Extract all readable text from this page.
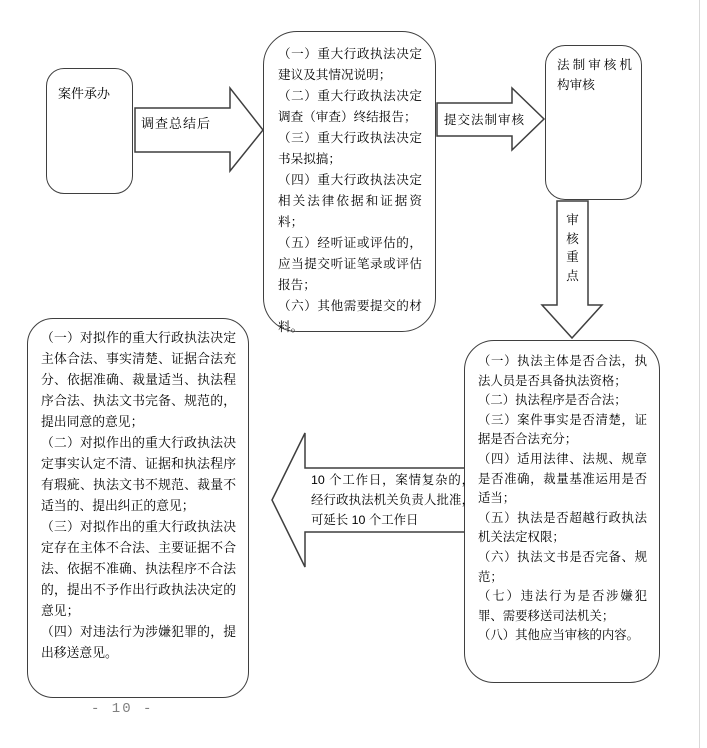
案件承办
调查总结后

（一）重大行政执法决定建议及其情况说明；

（二）重大行政执法决定调查（审查）终结报告；

（三）重大行政执法决定书呆拟搞；

（四）重大行政执法决定相关法律依据和证据资料；

（五）经听证或评估的，应当提交听证笔录或评估报告；

（六）其他需要提交的材料。

提交法制审核
法制审核机构审核
审核重点

（一）执法主体是否合法，执法人员是否具备执法资格；

（二）执法程序是否合法；

（三）案件事实是否清楚，证据是否合法充分；

（四）适用法律、法规、规章是否准确，裁量基准运用是否适当；

（五）执法是否超越行政执法机关法定权限；

（六）执法文书是否完备、规范；

（七）违法行为是否涉嫌犯罪、需要移送司法机关；

（八）其他应当审核的内容。

10 个工作日，案情复杂的，经行政执法机关负责人批准，可延长 10 个工作日

（一）对拟作的重大行政执法决定主体合法、事实清楚、证据合法充分、依据准确、裁量适当、执法程序合法、执法文书完备、规范的，提出同意的意见；

（二）对拟作出的重大行政执法决定事实认定不清、证据和执法程序有瑕疵、执法文书不规范、裁量不适当的、提出纠正的意见；

（三）对拟作出的重大行政执法决定存在主体不合法、主要证据不合法、依据不准确、执法程序不合法的，提出不予作出行政执法决定的意见；

（四）对违法行为涉嫌犯罪的，提出移送意见。

- 10 -
